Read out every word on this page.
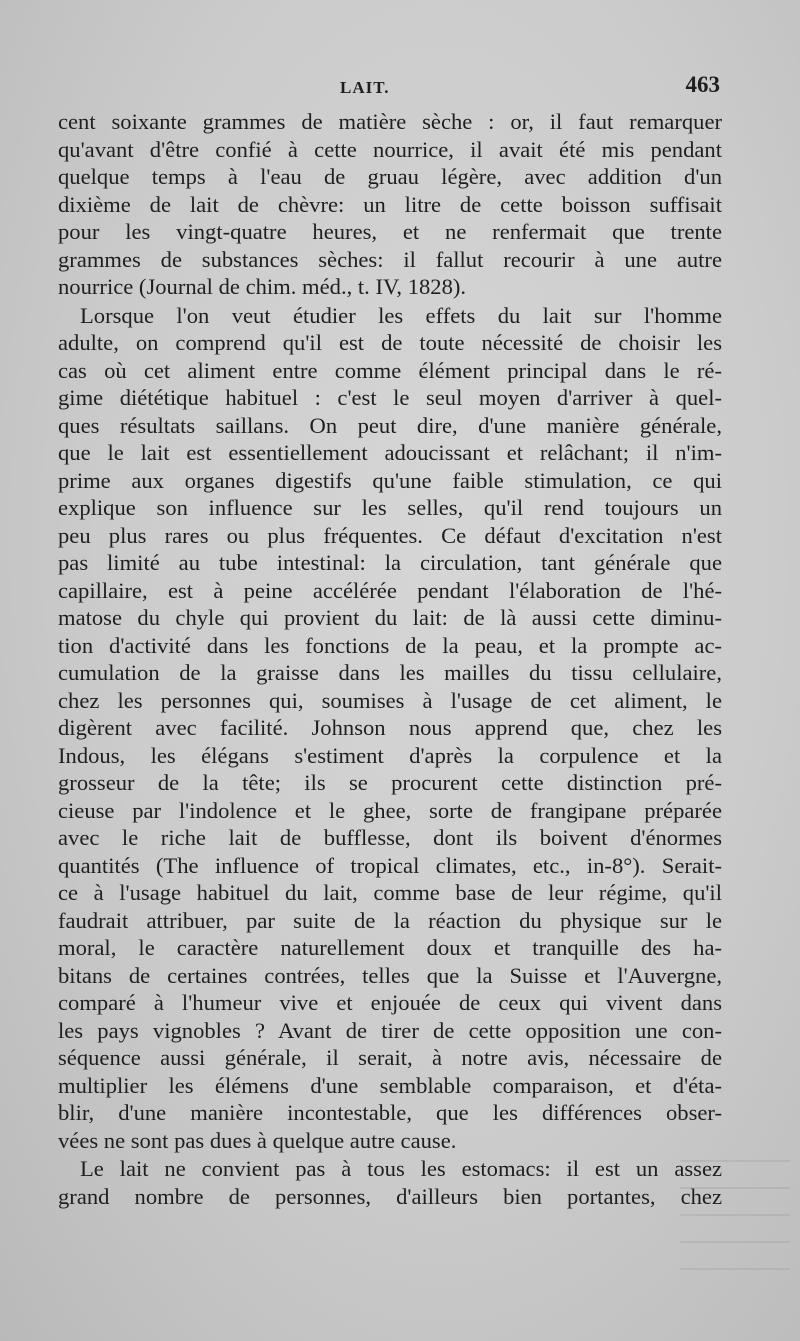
LAIT.	463
cent soixante grammes de matière sèche : or, il faut remarquer
qu'avant d'être confié à cette nourrice, il avait été mis pendant
quelque temps à l'eau de gruau légère, avec addition d'un
dixième de lait de chèvre: un litre de cette boisson suffisait
pour les vingt-quatre heures, et ne renfermait que trente
grammes de substances sèches: il fallut recourir à une autre
nourrice (Journal de chim. méd., t. IV, 1828).
Lorsque l'on veut étudier les effets du lait sur l'homme
adulte, on comprend qu'il est de toute nécessité de choisir les
cas où cet aliment entre comme élément principal dans le ré-
gime diététique habituel : c'est le seul moyen d'arriver à quel-
ques résultats saillans. On peut dire, d'une manière générale,
que le lait est essentiellement adoucissant et relâchant; il n'im-
prime aux organes digestifs qu'une faible stimulation, ce qui
explique son influence sur les selles, qu'il rend toujours un
peu plus rares ou plus fréquentes. Ce défaut d'excitation n'est
pas limité au tube intestinal: la circulation, tant générale que
capillaire, est à peine accélérée pendant l'élaboration de l'hé-
matose du chyle qui provient du lait: de là aussi cette diminu-
tion d'activité dans les fonctions de la peau, et la prompte ac-
cumulation de la graisse dans les mailles du tissu cellulaire,
chez les personnes qui, soumises à l'usage de cet aliment, le
digèrent avec facilité. Johnson nous apprend que, chez les
Indous, les élégans s'estiment d'après la corpulence et la
grosseur de la tête; ils se procurent cette distinction pré-
cieuse par l'indolence et le ghee, sorte de frangipane préparée
avec le riche lait de bufflesse, dont ils boivent d'énormes
quantités (The influence of tropical climates, etc., in-8°). Serait-
ce à l'usage habituel du lait, comme base de leur régime, qu'il
faudrait attribuer, par suite de la réaction du physique sur le
moral, le caractère naturellement doux et tranquille des ha-
bitans de certaines contrées, telles que la Suisse et l'Auvergne,
comparé à l'humeur vive et enjouée de ceux qui vivent dans
les pays vignobles ? Avant de tirer de cette opposition une con-
séquence aussi générale, il serait, à notre avis, nécessaire de
multiplier les élémens d'une semblable comparaison, et d'éta-
blir, d'une manière incontestable, que les différences obser-
vées ne sont pas dues à quelque autre cause.
Le lait ne convient pas à tous les estomacs: il est un assez
grand nombre de personnes, d'ailleurs bien portantes, chez
